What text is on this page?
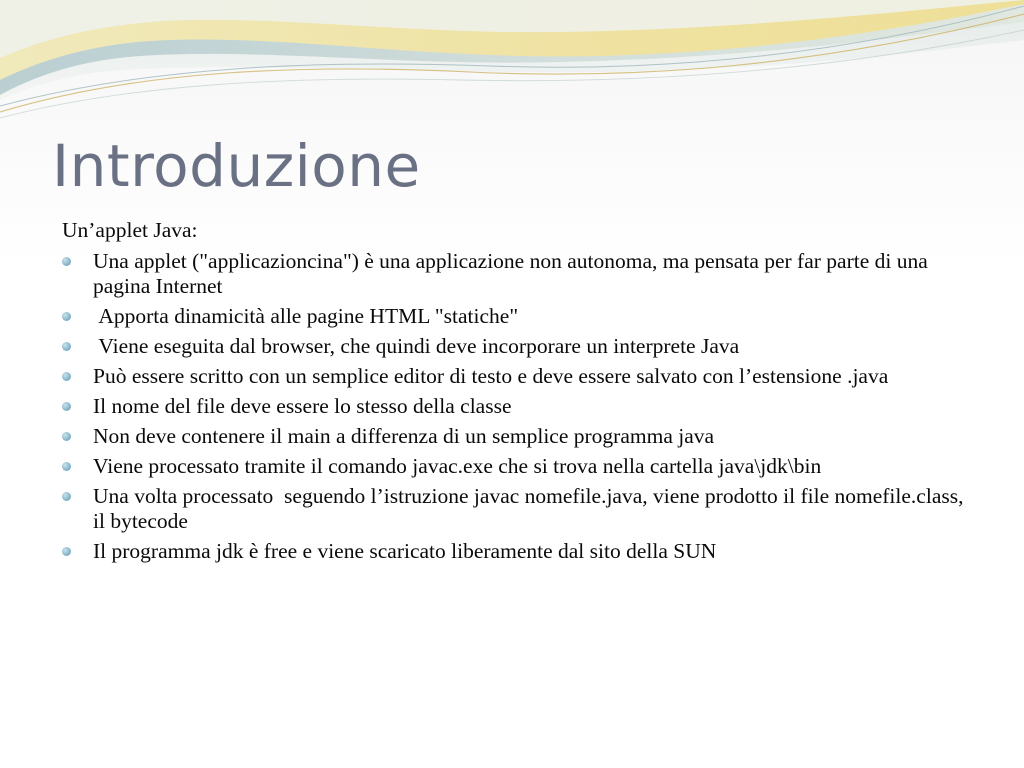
Introduzione

Un’applet Java:

Una applet ("applicazioncina") è una applicazione non autonoma, ma pensata per far parte di una pagina Internet
Apporta dinamicità alle pagine HTML "statiche"
Viene eseguita dal browser, che quindi deve incorporare un interprete Java
Può essere scritto con un semplice editor di testo e deve essere salvato con l’estensione .java
Il nome del file deve essere lo stesso della classe
Non deve contenere il main a differenza di un semplice programma java
Viene processato tramite il comando javac.exe che si trova nella cartella java\jdk\bin
Una volta processato  seguendo l’istruzione javac nomefile.java, viene prodotto il file nomefile.class, il bytecode
Il programma jdk è free e viene scaricato liberamente dal sito della SUN
